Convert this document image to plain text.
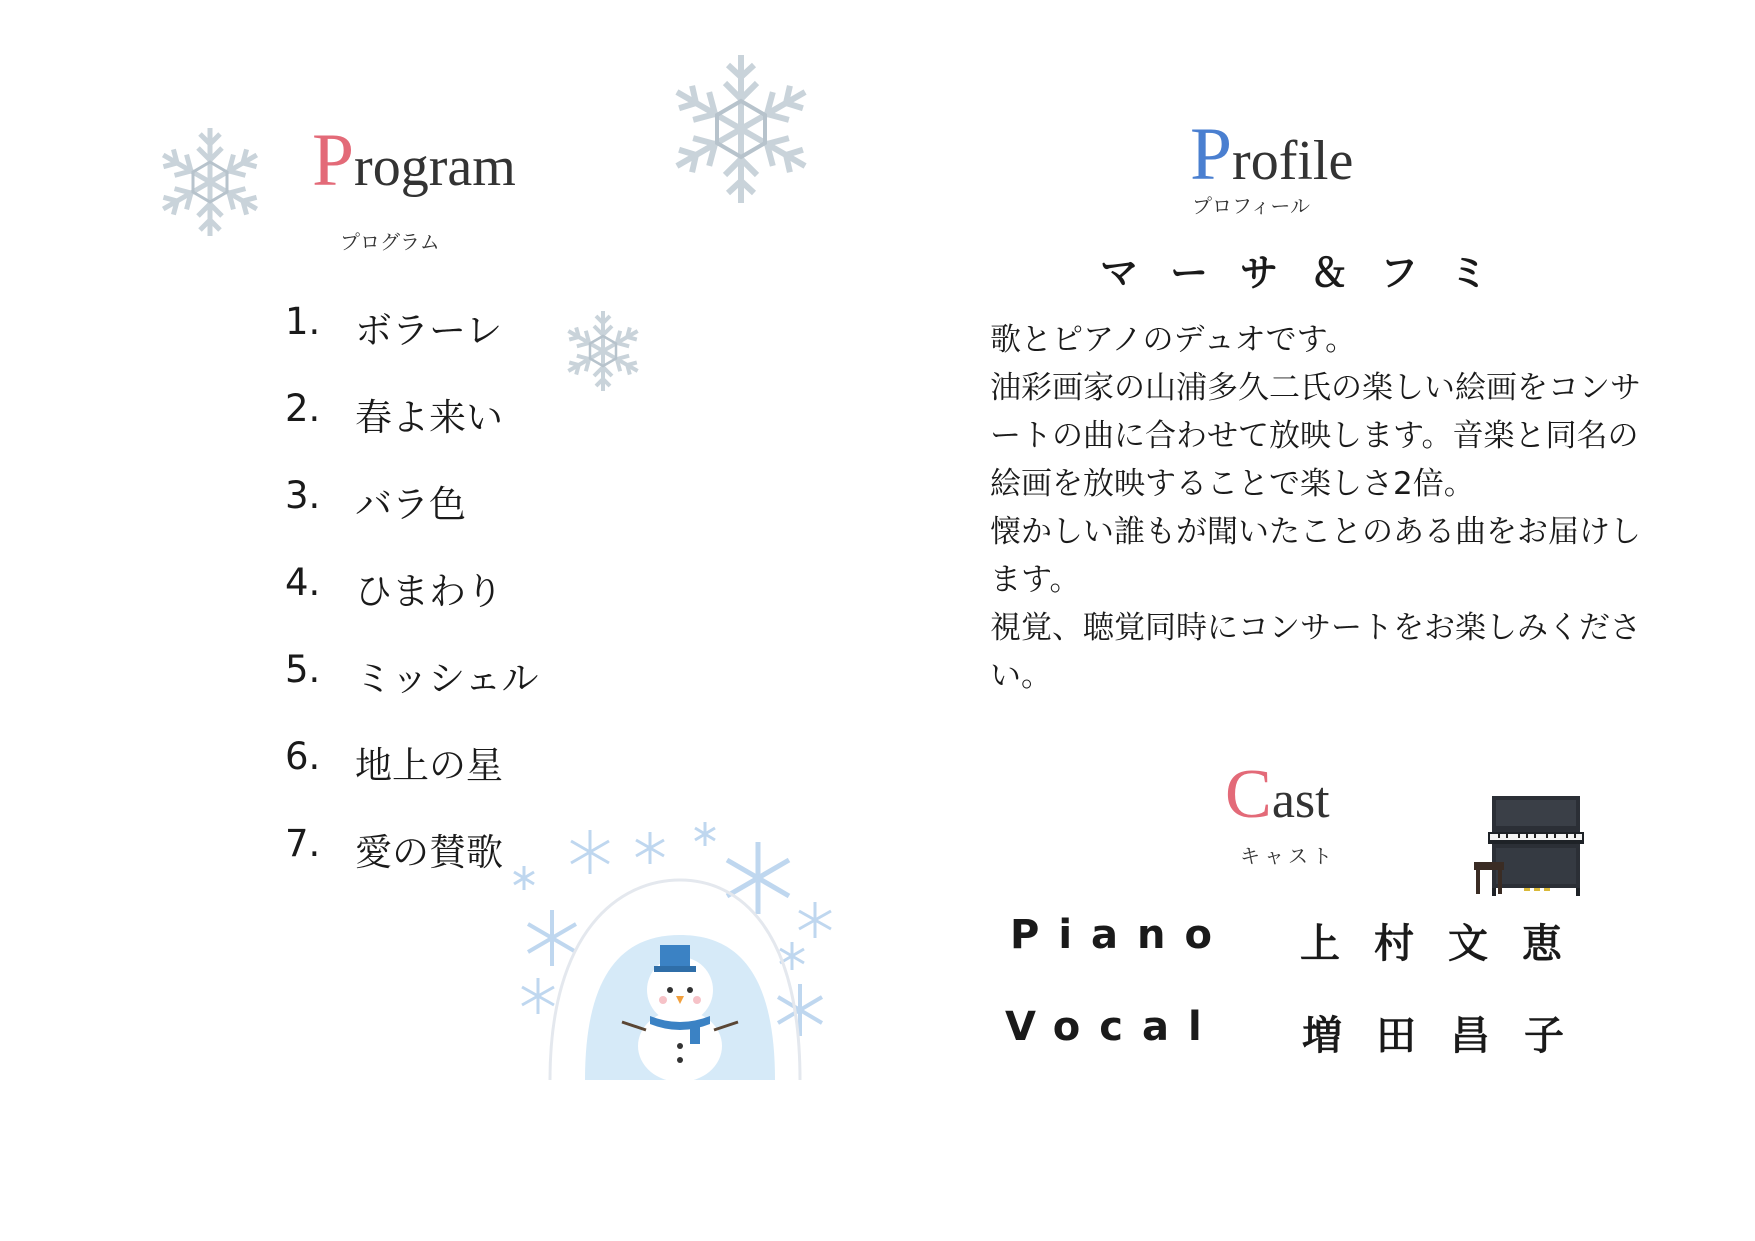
Program
プログラム
1. ボラーレ
2. 春よ来い
3. バラ色
4. ひまわり
5. ミッシェル
6. 地上の星
7. 愛の賛歌
Profile
プロフィール
マーサ＆フミ

歌とピアノのデュオです。

油彩画家の山浦多久二氏の楽しい絵画をコンサートの曲に合わせて放映します。音楽と同名の絵画を放映することで楽しさ2倍。

懐かしい誰もが聞いたことのある曲をお届けします。

視覚、聴覚同時にコンサートをお楽しみください。

Cast
キャスト
Piano 上村文恵
Vocal 増田昌子
